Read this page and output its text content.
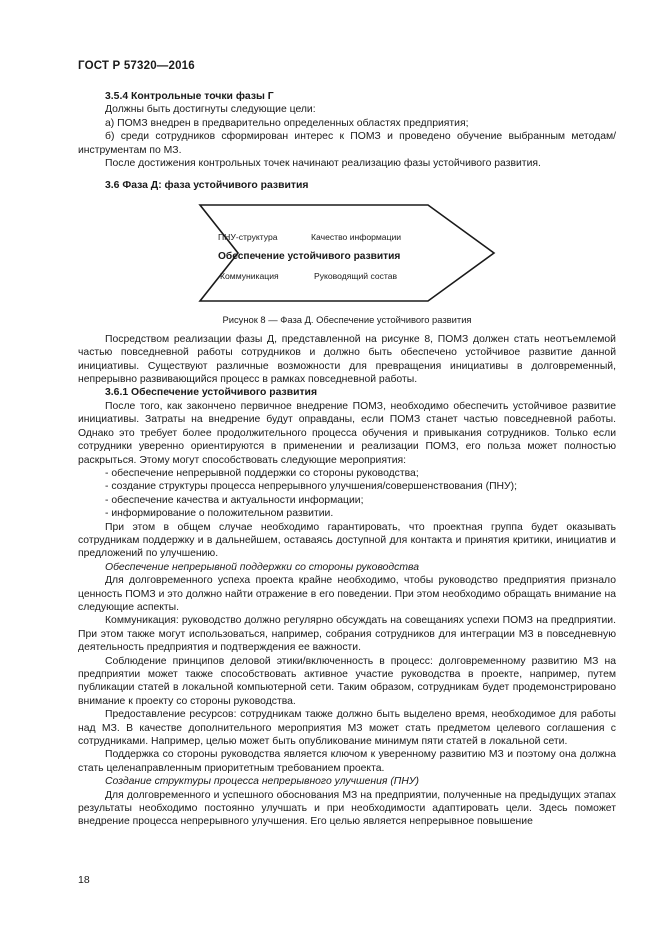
ГОСТ Р 57320—2016

3.5.4 Контрольные точки фазы Г

Должны быть достигнуты следующие цели:

а) ПОМЗ внедрен в предварительно определенных областях предприятия;

б) среди сотрудников сформирован интерес к ПОМЗ и проведено обучение выбранным методам/инструментам по МЗ.

После достижения контрольных точек начинают реализацию фазы устойчивого развития.

3.6 Фаза Д: фаза устойчивого развития

ПНУ-структура	Качество информации
Обеспечение устойчивого развития
Коммуникация	Руководящий состав
Рисунок 8 — Фаза Д. Обеспечение устойчивого развития

Посредством реализации фазы Д, представленной на рисунке 8, ПОМЗ должен стать неотъемлемой частью повседневной работы сотрудников и должно быть обеспечено устойчивое развитие данной инициативы. Существуют различные возможности для превращения инициативы в долговременный, непрерывно развивающийся процесс в рамках повседневной работы.

3.6.1 Обеспечение устойчивого развития

После того, как закончено первичное внедрение ПОМЗ, необходимо обеспечить устойчивое развитие инициативы. Затраты на внедрение будут оправданы, если ПОМЗ станет частью повседневной работы. Однако это требует более продолжительного процесса обучения и привыкания сотрудников. Только если сотрудники уверенно ориентируются в применении и реализации ПОМЗ, его польза может полностью раскрыться. Этому могут способствовать следующие мероприятия:

- обеспечение непрерывной поддержки со стороны руководства;

- создание структуры процесса непрерывного улучшения/совершенствования (ПНУ);

- обеспечение качества и актуальности информации;

- информирование о положительном развитии.

При этом в общем случае необходимо гарантировать, что проектная группа будет оказывать сотрудникам поддержку и в дальнейшем, оставаясь доступной для контакта и принятия критики, инициатив и предложений по улучшению.

Обеспечение непрерывной поддержки со стороны руководства

Для долговременного успеха проекта крайне необходимо, чтобы руководство предприятия признало ценность ПОМЗ и это должно найти отражение в его поведении. При этом необходимо обращать внимание на следующие аспекты.

Коммуникация: руководство должно регулярно обсуждать на совещаниях успехи ПОМЗ на предприятии. При этом также могут использоваться, например, собрания сотрудников для интеграции МЗ в повседневную деятельность предприятия и подтверждения ее важности.

Соблюдение принципов деловой этики/включенность в процесс: долговременному развитию МЗ на предприятии может также способствовать активное участие руководства в проекте, например, путем публикации статей в локальной компьютерной сети. Таким образом, сотрудникам будет продемонстрировано внимание к проекту со стороны руководства.

Предоставление ресурсов: сотрудникам также должно быть выделено время, необходимое для работы над МЗ. В качестве дополнительного мероприятия МЗ может стать предметом целевого соглашения с сотрудниками. Например, целью может быть опубликование минимум пяти статей в локальной сети.

Поддержка со стороны руководства является ключом к уверенному развитию МЗ и поэтому она должна стать целенаправленным приоритетным требованием проекта.

Создание структуры процесса непрерывного улучшения (ПНУ)

Для долговременного и успешного обоснования МЗ на предприятии, полученные на предыдущих этапах результаты необходимо постоянно улучшать и при необходимости адаптировать цели. Здесь поможет внедрение процесса непрерывного улучшения. Его целью является непрерывное повышение

18
